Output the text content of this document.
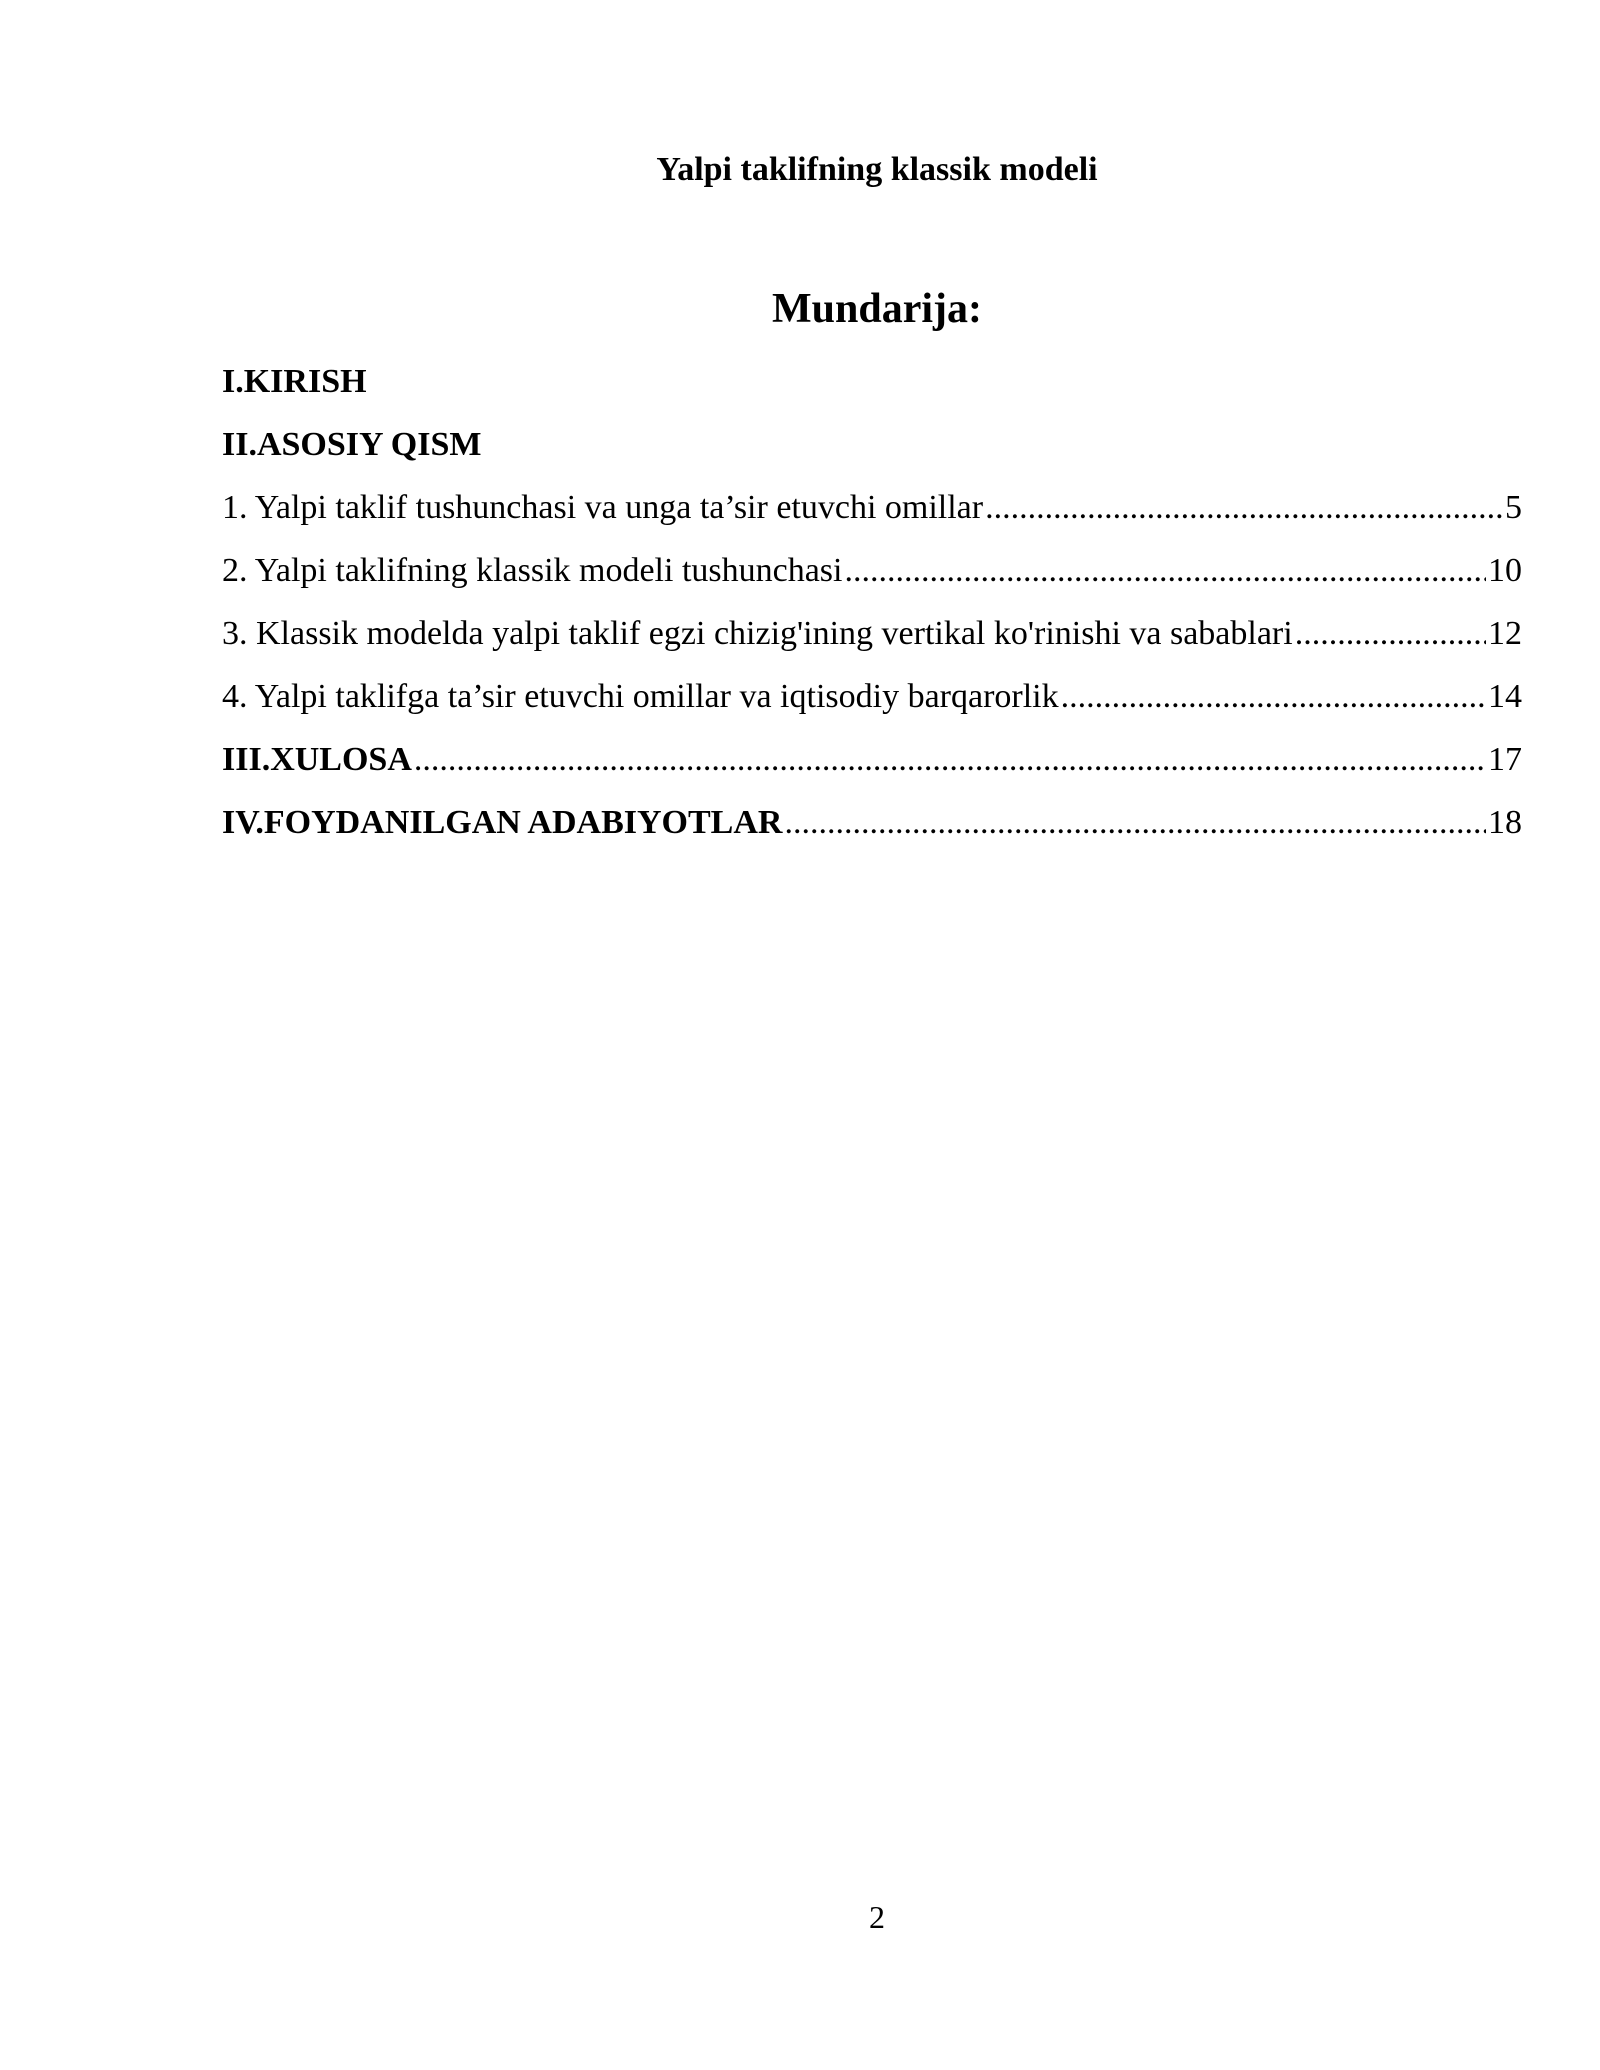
Yalpi taklifning klassik modeli
Mundarija:
I.KIRISH
II.ASOSIY QISM
1. Yalpi taklif tushunchasi va unga ta’sir etuvchi omillar .....	5
2. Yalpi taklifning klassik modeli tushunchasi .....	10
3. Klassik modelda yalpi taklif egzi chizig'ining vertikal ko'rinishi va sabablari .....	12
4. Yalpi taklifga ta’sir etuvchi omillar va iqtisodiy barqarorlik .....	14
III.XULOSA .....	17
IV.FOYDANILGAN ADABIYOTLAR .....	18
2
